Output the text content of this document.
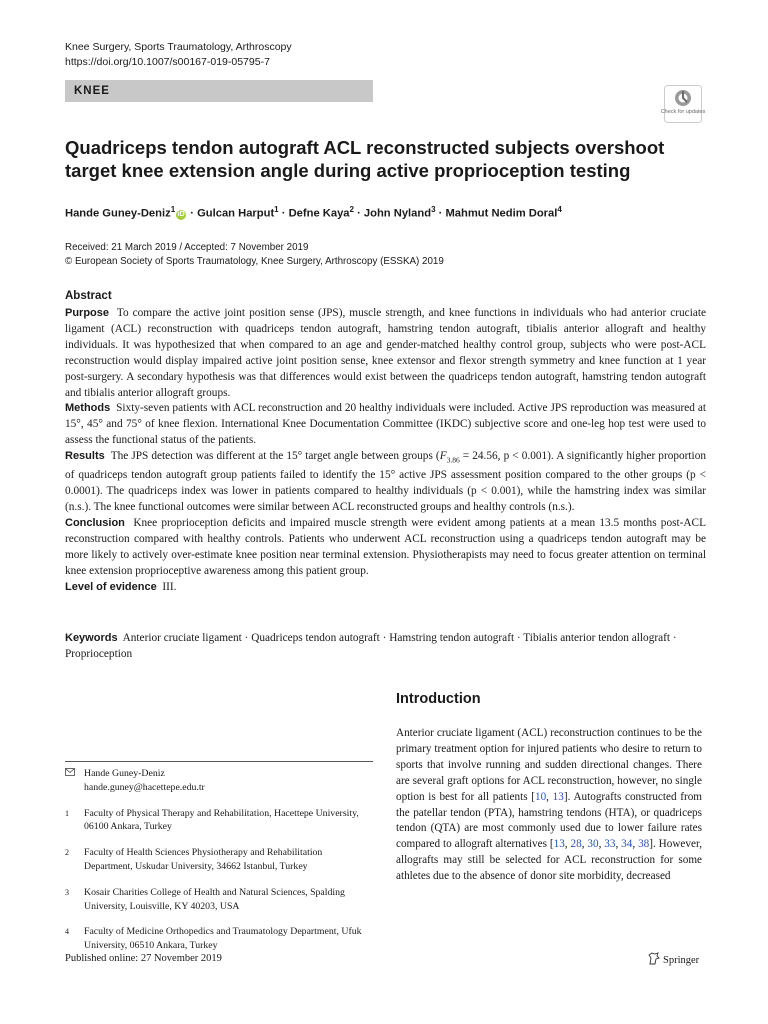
Knee Surgery, Sports Traumatology, Arthroscopy
https://doi.org/10.1007/s00167-019-05795-7
KNEE
Check for updates
Quadriceps tendon autograft ACL reconstructed subjects overshoot target knee extension angle during active proprioception testing
Hande Guney-Deniz$^1$iD · Gulcan Harput$^1$ · Defne Kaya$^2$ · John Nyland$^3$ · Mahmut Nedim Doral$^4$
Received: 21 March 2019 / Accepted: 7 November 2019
© European Society of Sports Traumatology, Knee Surgery, Arthroscopy (ESSKA) 2019
Abstract

Purpose To compare the active joint position sense (JPS), muscle strength, and knee functions in individuals who had anterior cruciate ligament (ACL) reconstruction with quadriceps tendon autograft, hamstring tendon autograft, tibialis anterior allograft and healthy individuals. It was hypothesized that when compared to an age and gender-matched healthy control group, subjects who were post-ACL reconstruction would display impaired active joint position sense, knee extensor and flexor strength symmetry and knee function at 1 year post-surgery. A secondary hypothesis was that differences would exist between the quadriceps tendon autograft, hamstring tendon autograft and tibialis anterior allograft groups.

Methods Sixty-seven patients with ACL reconstruction and 20 healthy individuals were included. Active JPS reproduction was measured at 15°, 45° and 75° of knee flexion. International Knee Documentation Committee (IKDC) subjective score and one-leg hop test were used to assess the functional status of the patients.

Results The JPS detection was different at the 15° target angle between groups ($F_{3.86} = 24.56$, p < 0.001). A significantly higher proportion of quadriceps tendon autograft group patients failed to identify the 15° active JPS assessment position compared to the other groups (p < 0.0001). The quadriceps index was lower in patients compared to healthy individuals (p < 0.001), while the hamstring index was similar (n.s.). The knee functional outcomes were similar between ACL reconstructed groups and healthy controls (n.s.).

Conclusion Knee proprioception deficits and impaired muscle strength were evident among patients at a mean 13.5 months post-ACL reconstruction compared with healthy controls. Patients who underwent ACL reconstruction using a quadriceps tendon autograft may be more likely to actively over-estimate knee position near terminal extension. Physiotherapists may need to focus greater attention on terminal knee extension proprioceptive awareness among this patient group.

Level of evidence III.

Keywords Anterior cruciate ligament · Quadriceps tendon autograft · Hamstring tendon autograft · Tibialis anterior tendon allograft · Proprioception
Introduction
Anterior cruciate ligament (ACL) reconstruction continues to be the primary treatment option for injured patients who desire to return to sports that involve running and sudden directional changes. There are several graft options for ACL reconstruction, however, no single option is best for all patients [10, 13]. Autografts constructed from the patellar tendon (PTA), hamstring tendons (HTA), or quadriceps tendon (QTA) are most commonly used due to lower failure rates compared to allograft alternatives [13, 28, 30, 33, 34, 38]. However, allografts may still be selected for ACL reconstruction for some athletes due to the absence of donor site morbidity, decreased
Hande Guney-Deniz
hande.guney@hacettepe.edu.tr
1 Faculty of Physical Therapy and Rehabilitation, Hacettepe University, 06100 Ankara, Turkey
2 Faculty of Health Sciences Physiotherapy and Rehabilitation Department, Uskudar University, 34662 Istanbul, Turkey
3 Kosair Charities College of Health and Natural Sciences, Spalding University, Louisville, KY 40203, USA
4 Faculty of Medicine Orthopedics and Traumatology Department, Ufuk University, 06510 Ankara, Turkey
Published online: 27 November 2019	Springer
